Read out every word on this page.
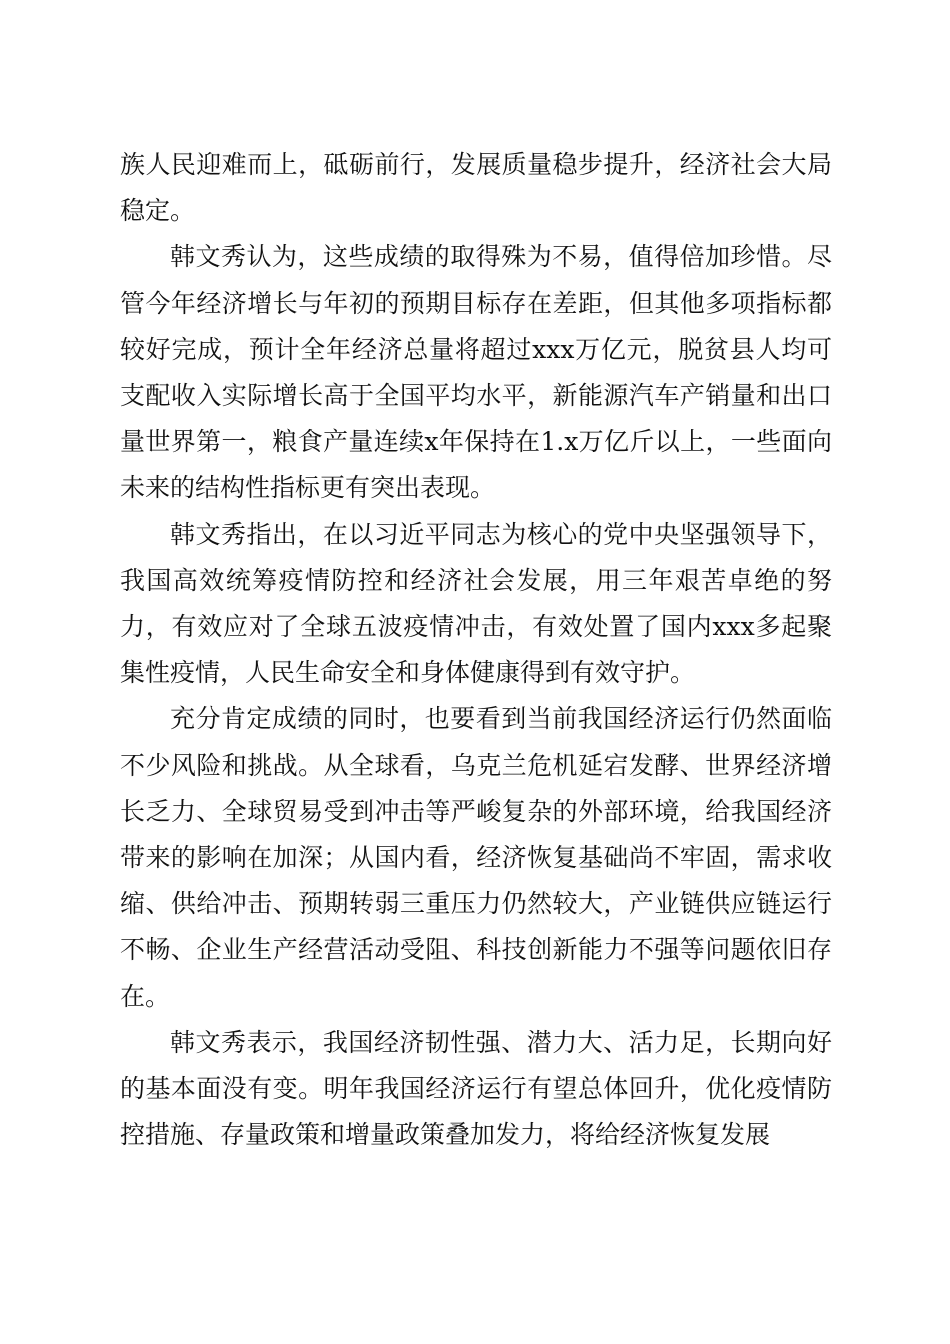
族人民迎难而上，砥砺前行，发展质量稳步提升，经济社会大局稳定。

韩文秀认为，这些成绩的取得殊为不易，值得倍加珍惜。尽管今年经济增长与年初的预期目标存在差距，但其他多项指标都较好完成，预计全年经济总量将超过xxx万亿元，脱贫县人均可支配收入实际增长高于全国平均水平，新能源汽车产销量和出口量世界第一，粮食产量连续x年保持在1.x万亿斤以上，一些面向未来的结构性指标更有突出表现。

韩文秀指出，在以习近平同志为核心的党中央坚强领导下，我国高效统筹疫情防控和经济社会发展，用三年艰苦卓绝的努力，有效应对了全球五波疫情冲击，有效处置了国内xxx多起聚集性疫情，人民生命安全和身体健康得到有效守护。

充分肯定成绩的同时，也要看到当前我国经济运行仍然面临不少风险和挑战。从全球看，乌克兰危机延宕发酵、世界经济增长乏力、全球贸易受到冲击等严峻复杂的外部环境，给我国经济带来的影响在加深；从国内看，经济恢复基础尚不牢固，需求收缩、供给冲击、预期转弱三重压力仍然较大，产业链供应链运行不畅、企业生产经营活动受阻、科技创新能力不强等问题依旧存在。

韩文秀表示，我国经济韧性强、潜力大、活力足，长期向好的基本面没有变。明年我国经济运行有望总体回升，优化疫情防控措施、存量政策和增量政策叠加发力，将给经济恢复发展
